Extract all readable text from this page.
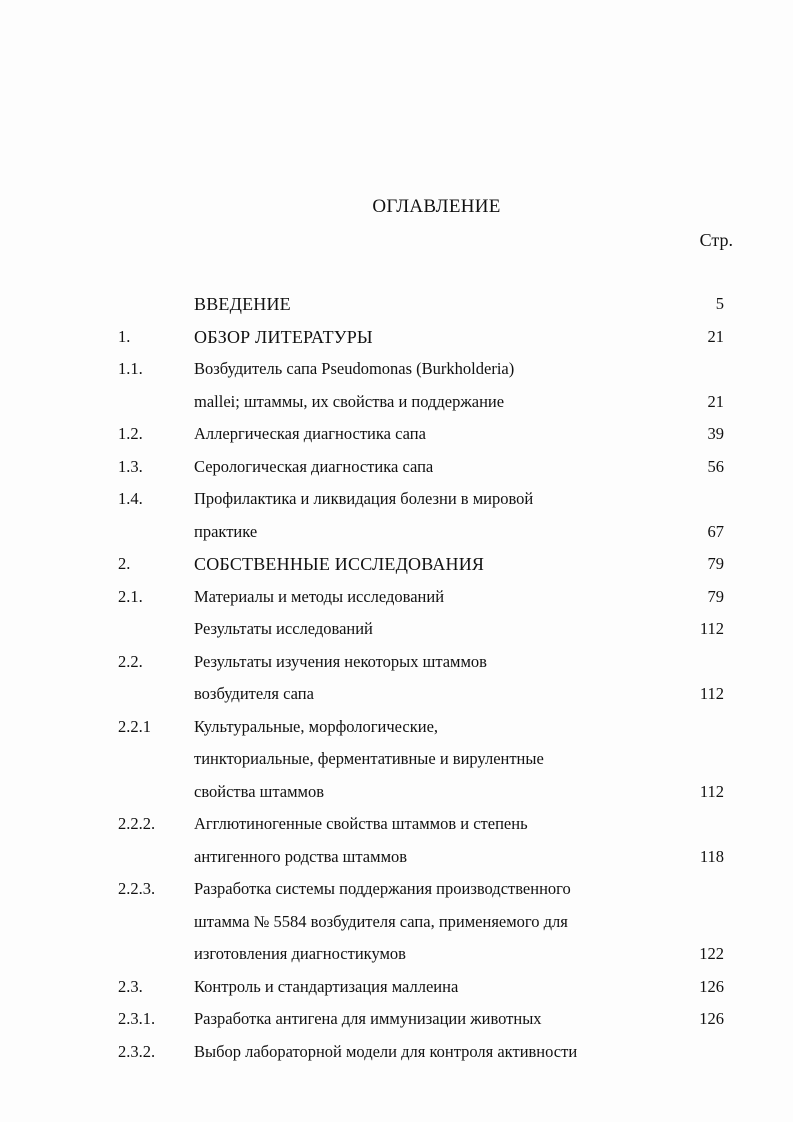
ОГЛАВЛЕНИЕ
Стр.
ВВЕДЕНИЕ	5
1.	ОБЗОР ЛИТЕРАТУРЫ	21
1.1.	Возбудитель сапа Pseudomonas (Burkholderia)
mallei; штаммы, их свойства и поддержание	21
1.2.	Аллергическая диагностика сапа	39
1.3.	Серологическая диагностика сапа	56
1.4.	Профилактика и ликвидация болезни в мировой
практике	67
2.	СОБСТВЕННЫЕ ИССЛЕДОВАНИЯ	79
2.1.	Материалы и методы исследований	79
Результаты исследований	112
2.2.	Результаты изучения некоторых штаммов
возбудителя сапа	112
2.2.1	Культуральные, морфологические,
тинкториальные, ферментативные и вирулентные
свойства штаммов	112
2.2.2. Агглютиногенные свойства штаммов и степень
антигенного родства штаммов	118
2.2.3. Разработка системы поддержания производственного
штамма № 5584 возбудителя сапа, применяемого для
изготовления диагностикумов	122
2.3.	Контроль и стандартизация маллеина	126
2.3.1. Разработка антигена для иммунизации животных	126
2.3.2. Выбор лабораторной модели для контроля активности
